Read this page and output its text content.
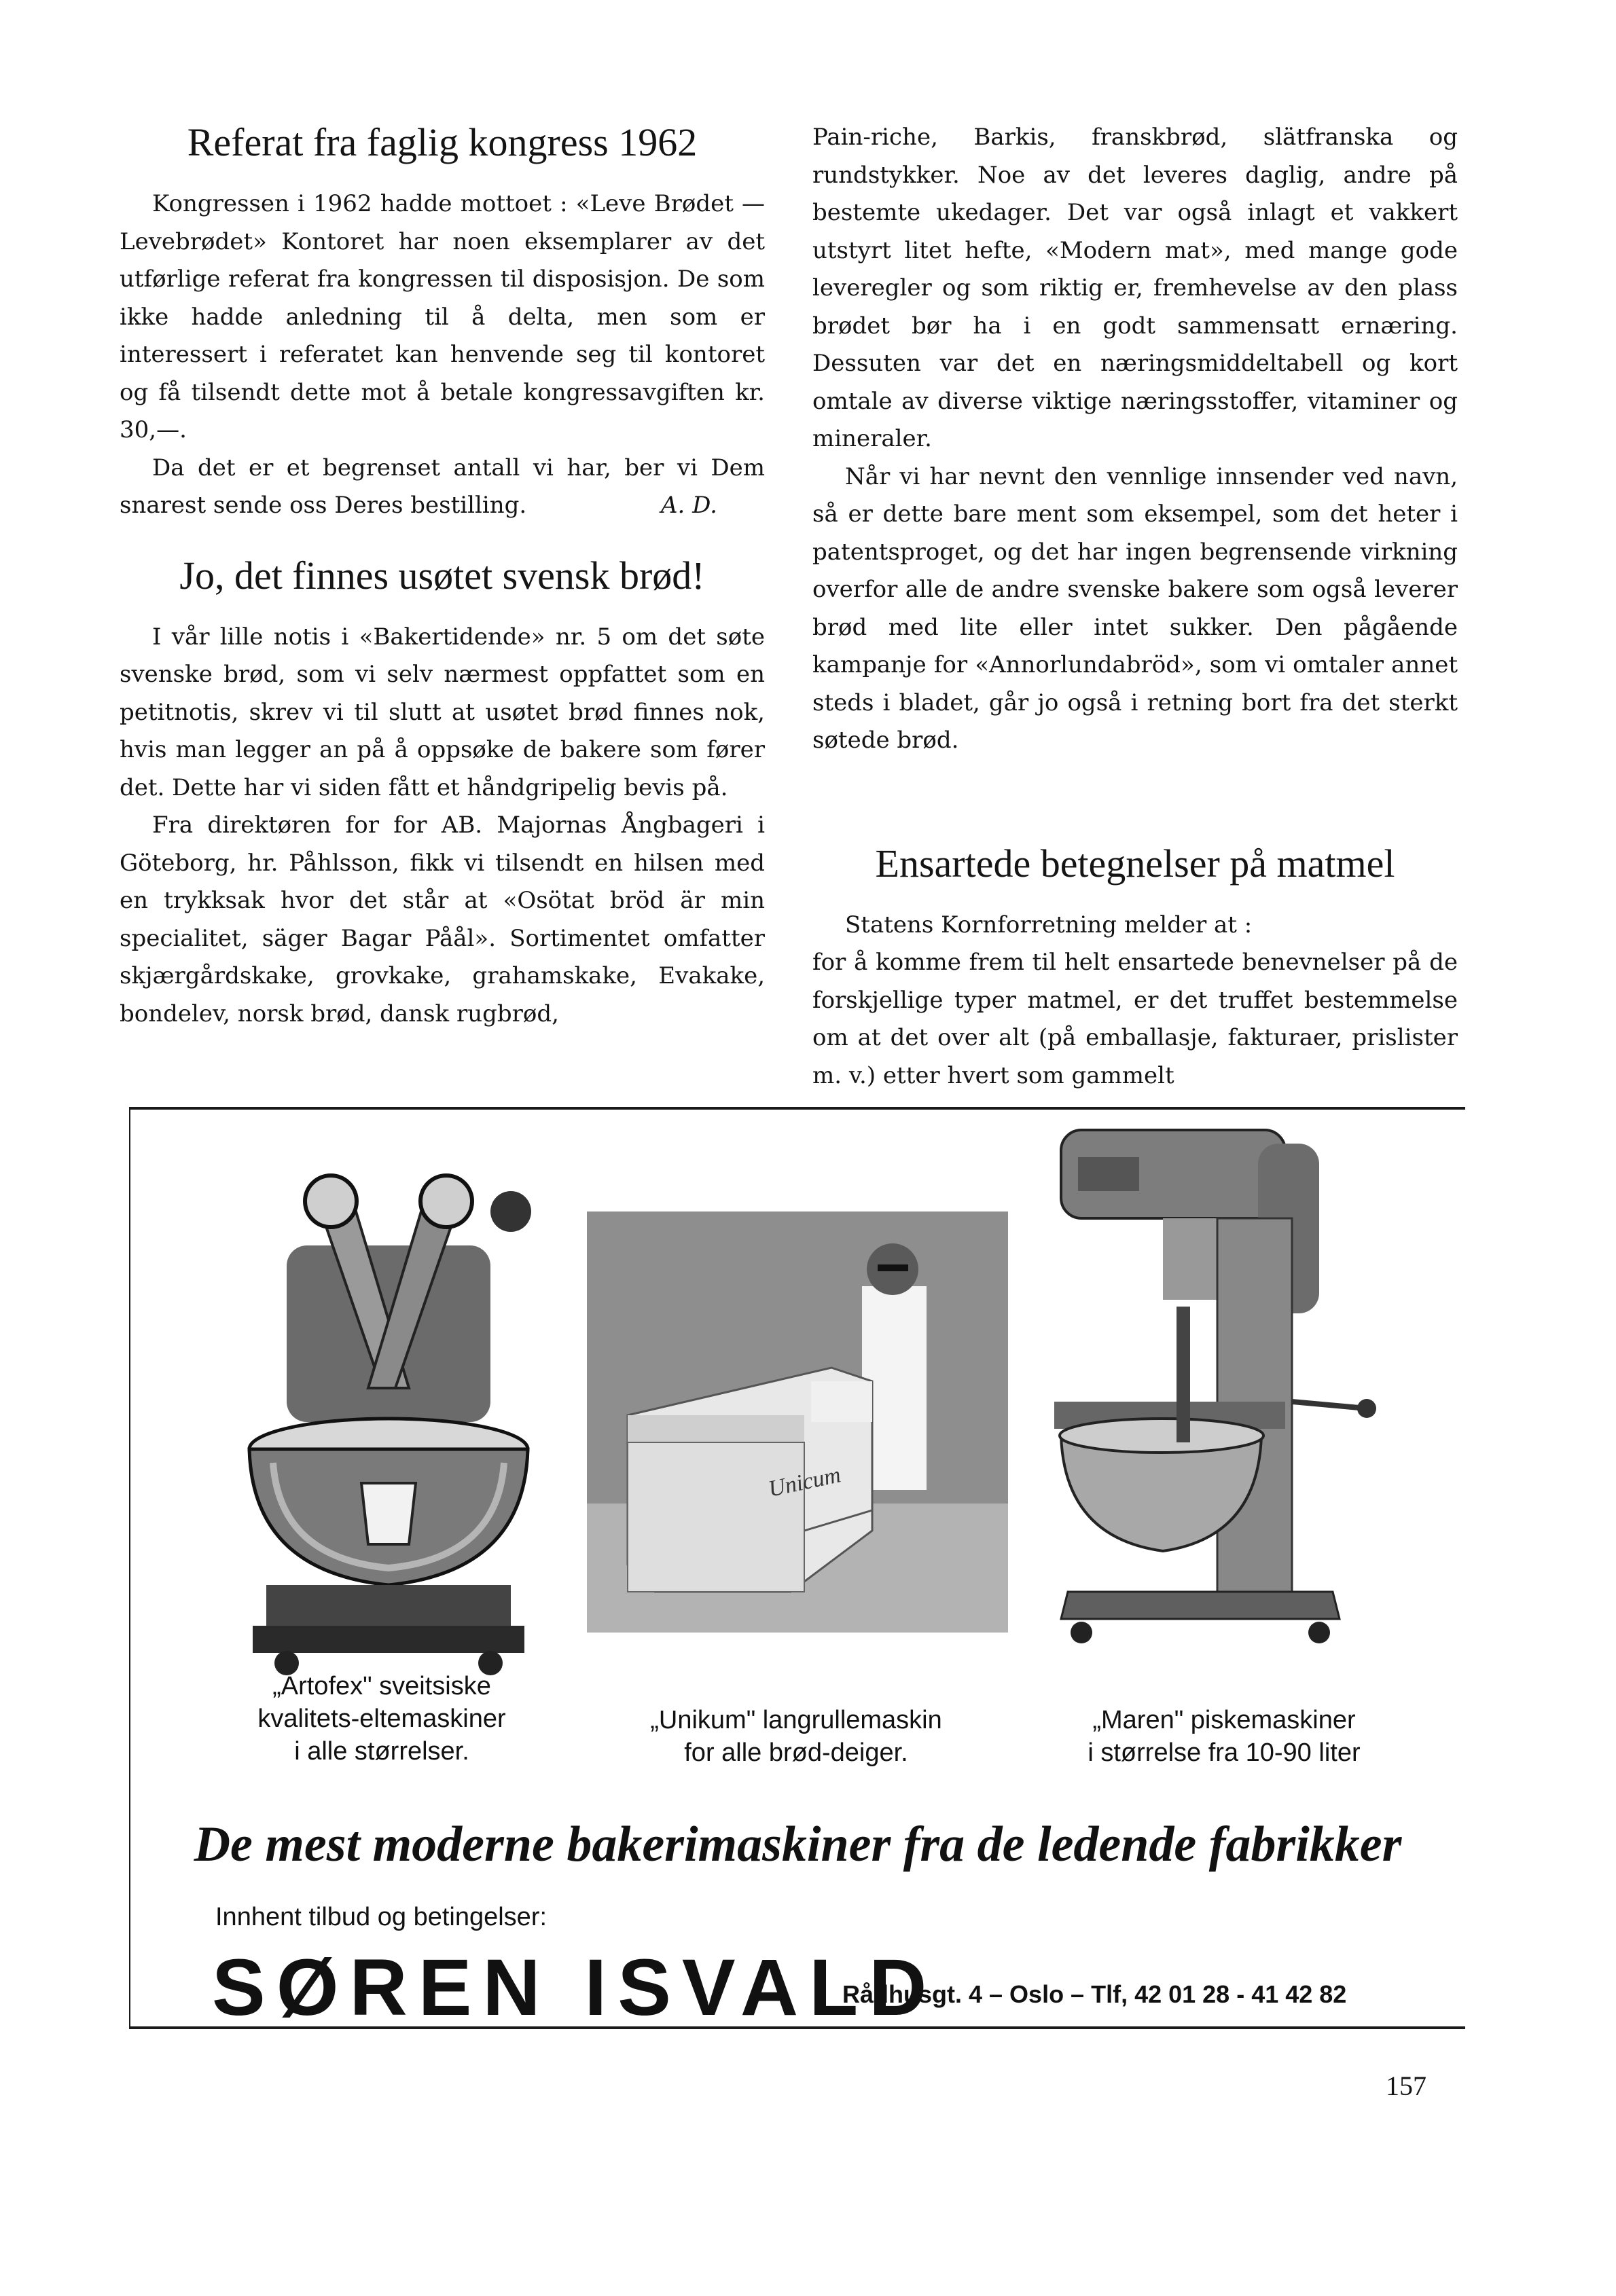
Referat fra faglig kongress 1962

Kongressen i 1962 hadde mottoet : «Leve Brødet — Levebrødet» Kontoret har noen eksemplarer av det utførlige referat fra kongressen til disposisjon. De som ikke hadde anledning til å delta, men som er interessert i referatet kan henvende seg til kontoret og få tilsendt dette mot å betale kongressavgiften kr. 30,—.

Da det er et begrenset antall vi har, ber vi Dem snarest sende oss Deres bestilling.	A. D.

Jo, det finnes usøtet svensk brød!

I vår lille notis i «Bakertidende» nr. 5 om det søte svenske brød, som vi selv nærmest oppfattet som en petitnotis, skrev vi til slutt at usøtet brød finnes nok, hvis man legger an på å oppsøke de bakere som fører det. Dette har vi siden fått et håndgripelig bevis på.

Fra direktøren for for AB. Majornas Ångbageri i Göteborg, hr. Påhlsson, fikk vi tilsendt en hilsen med en trykksak hvor det står at «Osötat bröd är min specialitet, säger Bagar Påål». Sortimentet omfatter skjærgårdskake, grovkake, grahamskake, Evakake, bondelev, norsk brød, dansk rugbrød,

Pain-riche, Barkis, franskbrød, slätfranska og rundstykker. Noe av det leveres daglig, andre på bestemte ukedager. Det var også inlagt et vakkert utstyrt litet hefte, «Modern mat», med mange gode leveregler og som riktig er, fremhevelse av den plass brødet bør ha i en godt sammensatt ernæring. Dessuten var det en næringsmiddeltabell og kort omtale av diverse viktige næringsstoffer, vitaminer og mineraler.

Når vi har nevnt den vennlige innsender ved navn, så er dette bare ment som eksempel, som det heter i patentsproget, og det har ingen begrensende virkning overfor alle de andre svenske bakere som også leverer brød med lite eller intet sukker. Den pågående kampanje for «Annorlundabröd», som vi omtaler annet steds i bladet, går jo også i retning bort fra det sterkt søtede brød.

Ensartede betegnelser på matmel

Statens Kornforretning melder at :

for å komme frem til helt ensartede benevnelser på de forskjellige typer matmel, er det truffet bestemmelse om at det over alt (på emballasje, fakturaer, prislister m. v.) etter hvert som gammelt

Unicum
„Artofex" sveitsiske
kvalitets-eltemaskiner
i alle størrelser.
„Unikum" langrullemaskin
for alle brød-deiger.
„Maren" piskemaskiner
i størrelse fra 10-90 liter
De mest moderne bakerimaskiner fra de ledende fabrikker
Innhent tilbud og betingelser:
SØREN ISVALD
Rådhusgt. 4 – Oslo – Tlf, 42 01 28 - 41 42 82
157
